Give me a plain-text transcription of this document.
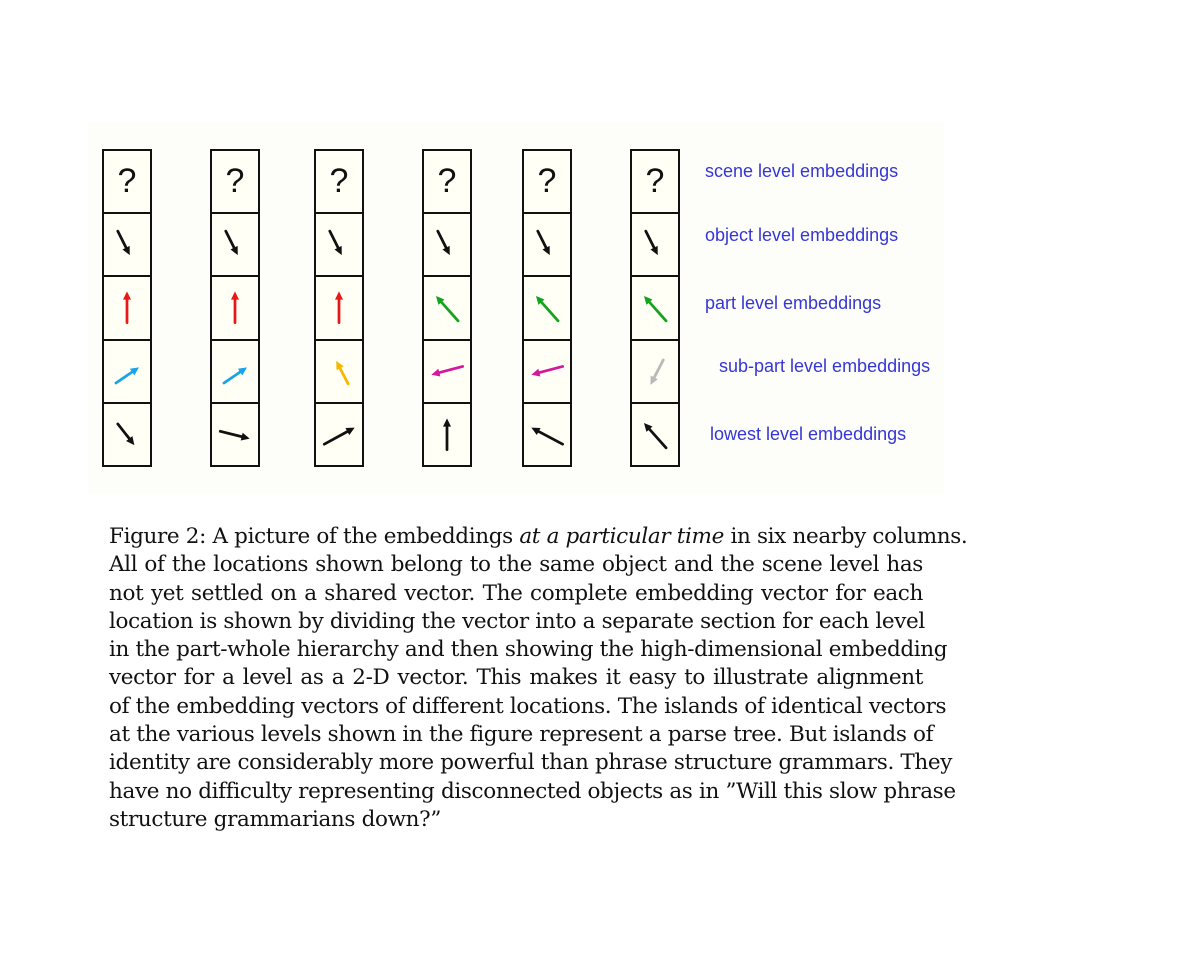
?	?	?	? ?	? scene level embeddings
object level embeddings
part level embeddings
sub-part level embeddings
lowest level embeddings
Figure 2: A picture of the embeddings at a particular time in six nearby columns.
All of the locations shown belong to the same object and the scene level has
not yet settled on a shared vector. The complete embedding vector for each
location is shown by dividing the vector into a separate section for each level
in the part-whole hierarchy and then showing the high-dimensional embedding
vector for a level as a 2-D vector. This makes it easy to illustrate alignment
of the embedding vectors of different locations. The islands of identical vectors
at the various levels shown in the figure represent a parse tree. But islands of
identity are considerably more powerful than phrase structure grammars. They
have no difficulty representing disconnected objects as in ”Will this slow phrase
structure grammarians down?”
